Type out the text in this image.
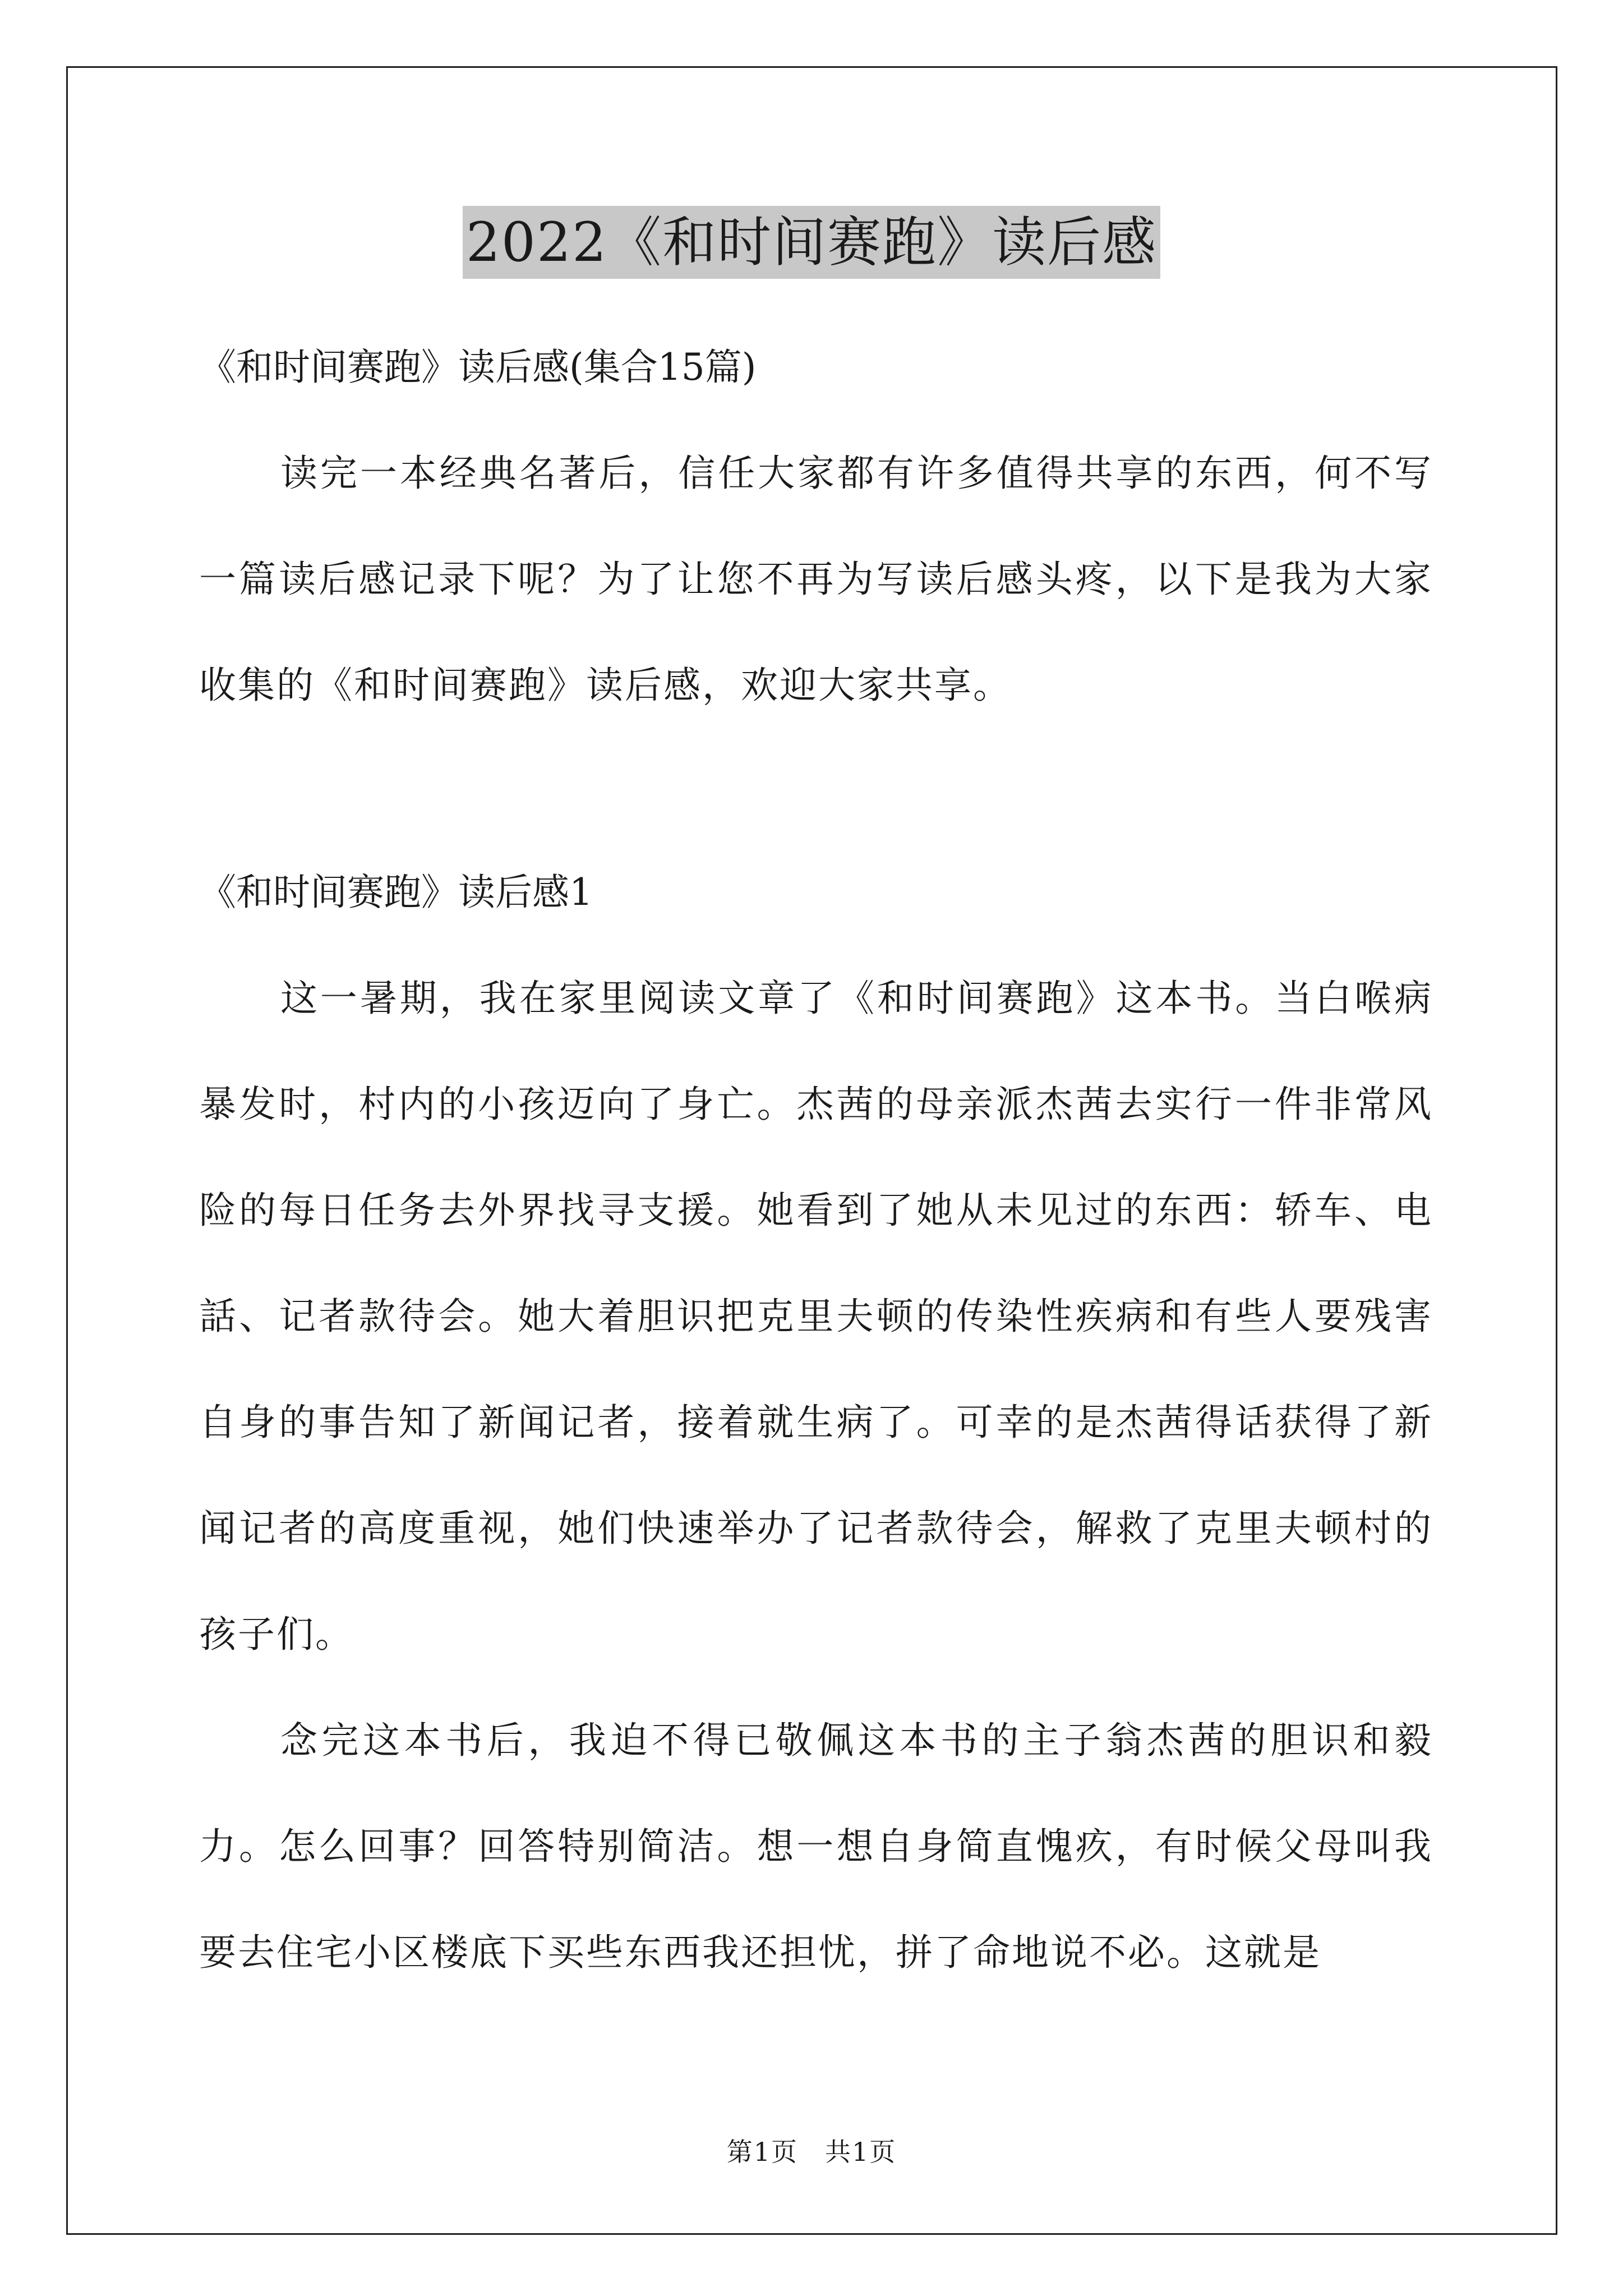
2022《和时间赛跑》读后感

《和时间赛跑》读后感(集合15篇)

读完一本经典名著后，信任大家都有许多值得共享的东西，何不写一篇读后感记录下呢？为了让您不再为写读后感头疼，以下是我为大家收集的《和时间赛跑》读后感，欢迎大家共享。

《和时间赛跑》读后感1

这一暑期，我在家里阅读文章了《和时间赛跑》这本书。当白喉病暴发时，村内的小孩迈向了身亡。杰茜的母亲派杰茜去实行一件非常风险的每日任务去外界找寻支援。她看到了她从未见过的东西：轿车、电話、记者款待会。她大着胆识把克里夫顿的传染性疾病和有些人要残害自身的事告知了新闻记者，接着就生病了。可幸的是杰茜得话获得了新闻记者的高度重视，她们快速举办了记者款待会，解救了克里夫顿村的孩子们。

念完这本书后，我迫不得已敬佩这本书的主子翁杰茜的胆识和毅力。怎么回事？回答特别简洁。想一想自身简直愧疚，有时候父母叫我要去住宅小区楼底下买些东西我还担忧，拼了命地说不必。这就是

第1页　共1页
